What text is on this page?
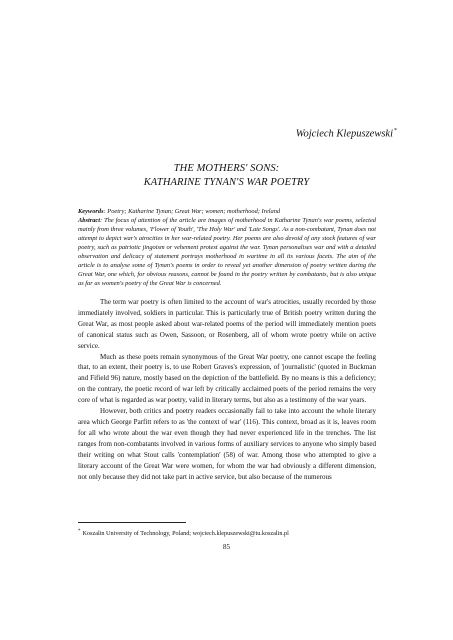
Wojciech Klepuszewski*
THE MOTHERS' SONS:
KATHARINE TYNAN'S WAR POETRY

Keywords: Poetry; Katharine Tynan; Great War; women; motherhood; Ireland

Abstract: The focus of attention of the article are images of motherhood in Katharine Tynan's war poems, selected mainly from three volumes, 'Flower of Youth', 'The Holy War' and 'Late Songs'. As a non-combatant, Tynan does not attempt to depict war's atrocities in her war-related poetry. Her poems are also devoid of any stock features of war poetry, such as patriotic jingoism or vehement protest against the war. Tynan personalises war and with a detailed observation and delicacy of statement portrays motherhood in wartime in all its various facets. The aim of the article is to analyse some of Tynan's poems in order to reveal yet another dimension of poetry written during the Great War, one which, for obvious reasons, cannot be found in the poetry written by combatants, but is also unique as far as women's poetry of the Great War is concerned.

The term war poetry is often limited to the account of war's atrocities, usually recorded by those immediately involved, soldiers in particular. This is particularly true of British poetry written during the Great War, as most people asked about war-related poems of the period will immediately mention poets of canonical status such as Owen, Sassoon, or Rosenberg, all of whom wrote poetry while on active service.

Much as these poets remain synonymous of the Great War poetry, one cannot escape the feeling that, to an extent, their poetry is, to use Robert Graves's expression, of 'journalistic' (quoted in Buckman and Fifield 96) nature, mostly based on the depiction of the battlefield. By no means is this a deficiency; on the contrary, the poetic record of war left by critically acclaimed poets of the period remains the very core of what is regarded as war poetry, valid in literary terms, but also as a testimony of the war years.

However, both critics and poetry readers occasionally fail to take into account the whole literary area which George Parfitt refers to as 'the context of war' (116). This context, broad as it is, leaves room for all who wrote about the war even though they had never experienced life in the trenches. The list ranges from non-combatants involved in various forms of auxiliary services to anyone who simply based their writing on what Stout calls 'contemplation' (58) of war. Among those who attempted to give a literary account of the Great War were women, for whom the war had obviously a different dimension, not only because they did not take part in active service, but also because of the numerous

* Koszalin University of Technology, Poland; wojciech.klepuszewski@tu.koszalin.pl
85
